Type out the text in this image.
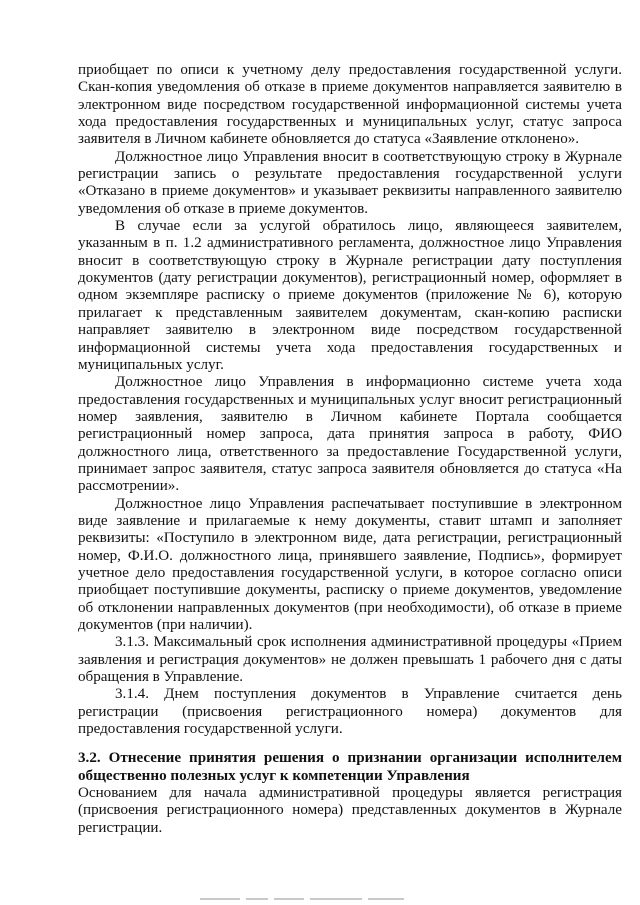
приобщает по описи к учетному делу предоставления государственной услуги. Скан-копия уведомления об отказе в приеме документов направляется заявителю в электронном виде посредством государственной информационной системы учета хода предоставления государственных и муниципальных услуг, статус запроса заявителя в Личном кабинете обновляется до статуса «Заявление отклонено».

Должностное лицо Управления вносит в соответствующую строку в Журнале регистрации запись о результате предоставления государственной услуги «Отказано в приеме документов» и указывает реквизиты направленного заявителю уведомления об отказе в приеме документов.

В случае если за услугой обратилось лицо, являющееся заявителем, указанным в п. 1.2 административного регламента, должностное лицо Управления вносит в соответствующую строку в Журнале регистрации дату поступления документов (дату регистрации документов), регистрационный номер, оформляет в одном экземпляре расписку о приеме документов (приложение № 6), которую прилагает к представленным заявителем документам, скан-копию расписки направляет заявителю в электронном виде посредством государственной информационной системы учета хода предоставления государственных и муниципальных услуг.

Должностное лицо Управления в информационно системе учета хода предоставления государственных и муниципальных услуг вносит регистрационный номер заявления, заявителю в Личном кабинете Портала сообщается регистрационный номер запроса, дата принятия запроса в работу, ФИО должностного лица, ответственного за предоставление Государственной услуги, принимает запрос заявителя, статус запроса заявителя обновляется до статуса «На рассмотрении».

Должностное лицо Управления распечатывает поступившие в электронном виде заявление и прилагаемые к нему документы, ставит штамп и заполняет реквизиты: «Поступило в электронном виде, дата регистрации, регистрационный номер, Ф.И.О. должностного лица, принявшего заявление, Подпись», формирует учетное дело предоставления государственной услуги, в которое согласно описи приобщает поступившие документы, расписку о приеме документов, уведомление об отклонении направленных документов (при необходимости), об отказе в приеме документов (при наличии).

3.1.3. Максимальный срок исполнения административной процедуры «Прием заявления и регистрация документов» не должен превышать 1 рабочего дня с даты обращения в Управление.

3.1.4. Днем поступления документов в Управление считается день регистрации (присвоения регистрационного номера) документов для предоставления государственной услуги.

3.2. Отнесение принятия решения о признании организации исполнителем общественно полезных услуг к компетенции Управления

Основанием для начала административной процедуры является регистрация (присвоения регистрационного номера) представленных документов в Журнале регистрации.
